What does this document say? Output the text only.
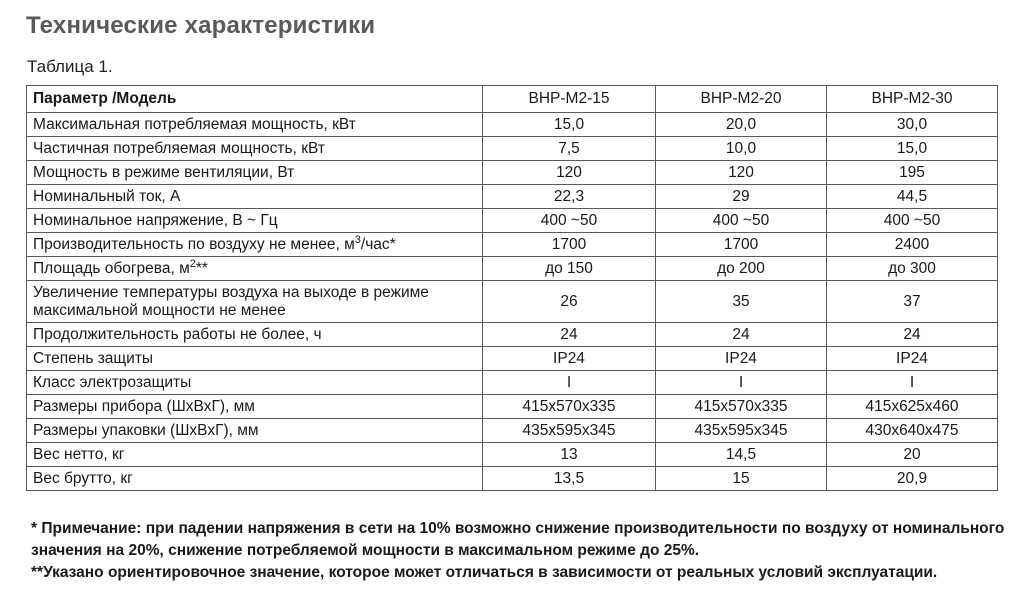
Технические характеристики
Таблица 1.
Параметр /Модель	ВНР-М2-15	ВНР-М2-20	ВНР-М2-30
Максимальная потребляемая мощность, кВт	15,0	20,0	30,0
Частичная потребляемая мощность, кВт	7,5	10,0	15,0
Мощность в режиме вентиляции, Вт	120	120	195
Номинальный ток, А	22,3	29	44,5
Номинальное напряжение, В ~ Гц	400 ~50	400 ~50	400 ~50
Производительность по воздуху не менее, $м^3/час*$	1700	1700	2400
Площадь обогрева, $м^2**$	до 150	до 200	до 300
Увеличение температуры воздуха на выходе в режиме
максимальной мощности не менее	26	35	37
Продолжительность работы не более, ч	24	24	24
Степень защиты	IP24	IP24	IP24
Класс электрозащиты	I	I	I
Размеры прибора (ШхВхГ), мм	415x570x335	415x570x335	415x625x460
Размеры упаковки (ШхВхГ), мм	435x595x345	435x595x345	430x640x475
Вес нетто, кг	13	14,5	20
Вес брутто, кг	13,5	15	20,9

* Примечание: при падении напряжения в сети на 10% возможно снижение производительности по воздуху от номинального значения на 20%, снижение потребляемой мощности в максимальном режиме до 25%.

**Указано ориентировочное значение, которое может отличаться в зависимости от реальных условий эксплуатации.
